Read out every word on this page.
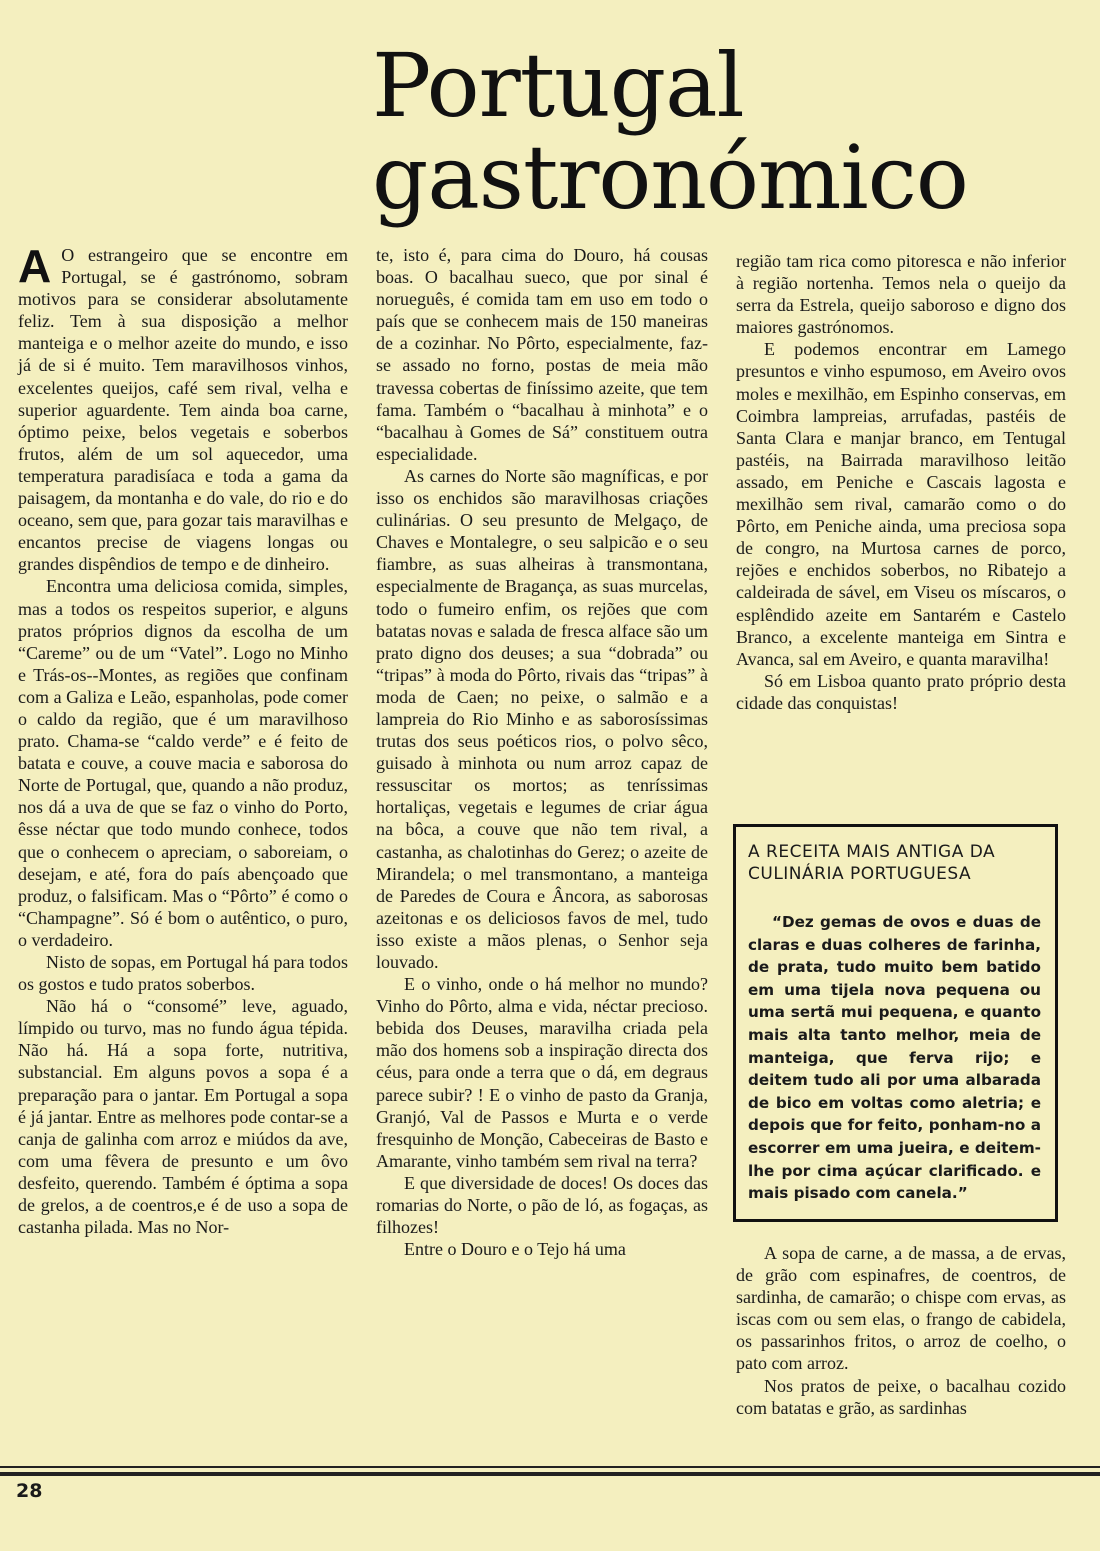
Portugal
gastronómico

A O estrangeiro que se encontre em Portugal, se é gastrónomo, sobram motivos para se considerar absolutamente feliz. Tem à sua disposição a melhor manteiga e o melhor azeite do mundo, e isso já de si é muito. Tem maravilhosos vinhos, excelentes queijos, café sem rival, velha e superior aguardente. Tem ainda boa carne, óptimo peixe, belos vegetais e soberbos frutos, além de um sol aquecedor, uma temperatura paradisíaca e toda a gama da paisagem, da montanha e do vale, do rio e do oceano, sem que, para gozar tais maravilhas e encantos precise de viagens longas ou grandes dispêndios de tempo e de dinheiro.

Encontra uma deliciosa comida, simples, mas a todos os respeitos superior, e alguns pratos próprios dignos da escolha de um “Careme” ou de um “Vatel”. Logo no Minho e Trás-os--Montes, as regiões que confinam com a Galiza e Leão, espanholas, pode comer o caldo da região, que é um maravilhoso prato. Chama-se “caldo verde” e é feito de batata e couve, a couve macia e saborosa do Norte de Portugal, que, quando a não produz, nos dá a uva de que se faz o vinho do Porto, êsse néctar que todo mundo conhece, todos que o conhecem o apreciam, o saboreiam, o desejam, e até, fora do país abençoado que produz, o falsificam. Mas o “Pôrto” é como o “Champagne”. Só é bom o autêntico, o puro, o verdadeiro.

Nisto de sopas, em Portugal há para todos os gostos e tudo pratos soberbos.

Não há o “consomé” leve, aguado, límpido ou turvo, mas no fundo água tépida. Não há. Há a sopa forte, nutritiva, substancial. Em alguns povos a sopa é a preparação para o jantar. Em Portugal a sopa é já jantar. Entre as melhores pode contar-se a canja de galinha com arroz e miúdos da ave, com uma fêvera de presunto e um ôvo desfeito, querendo. Também é óptima a sopa de grelos, a de coentros,e é de uso a sopa de castanha pilada. Mas no Nor-

te, isto é, para cima do Douro, há cousas boas. O bacalhau sueco, que por sinal é norueguês, é comida tam em uso em todo o país que se conhecem mais de 150 maneiras de a cozinhar. No Pôrto, especialmente, faz-se assado no forno, postas de meia mão travessa cobertas de finíssimo azeite, que tem fama. Também o “bacalhau à minhota” e o “bacalhau à Gomes de Sá” constituem outra especialidade.

As carnes do Norte são magníficas, e por isso os enchidos são maravilhosas criações culinárias. O seu presunto de Melgaço, de Chaves e Montalegre, o seu salpicão e o seu fiambre, as suas alheiras à transmontana, especialmente de Bragança, as suas murcelas, todo o fumeiro enfim, os rejões que com batatas novas e salada de fresca alface são um prato digno dos deuses; a sua “dobrada” ou “tripas” à moda do Pôrto, rivais das “tripas” à moda de Caen; no peixe, o salmão e a lampreia do Rio Minho e as saborosíssimas trutas dos seus poéticos rios, o polvo sêco, guisado à minhota ou num arroz capaz de ressuscitar os mortos; as tenríssimas hortaliças, vegetais e legumes de criar água na bôca, a couve que não tem rival, a castanha, as chalotinhas do Gerez; o azeite de Mirandela; o mel transmontano, a manteiga de Paredes de Coura e Âncora, as saborosas azeitonas e os deliciosos favos de mel, tudo isso existe a mãos plenas, o Senhor seja louvado.

E o vinho, onde o há melhor no mundo? Vinho do Pôrto, alma e vida, néctar precioso. bebida dos Deuses, maravilha criada pela mão dos homens sob a inspiração directa dos céus, para onde a terra que o dá, em degraus parece subir? ! E o vinho de pasto da Granja, Granjó, Val de Passos e Murta e o verde fresquinho de Monção, Cabeceiras de Basto e Amarante, vinho também sem rival na terra?

E que diversidade de doces! Os doces das romarias do Norte, o pão de ló, as fogaças, as filhozes!

Entre o Douro e o Tejo há uma

região tam rica como pitoresca e não inferior à região nortenha. Temos nela o queijo da serra da Estrela, queijo saboroso e digno dos maiores gastrónomos.

E podemos encontrar em Lamego presuntos e vinho espumoso, em Aveiro ovos moles e mexilhão, em Espinho conservas, em Coimbra lampreias, arrufadas, pastéis de Santa Clara e manjar branco, em Tentugal pastéis, na Bairrada maravilhoso leitão assado, em Peniche e Cascais lagosta e mexilhão sem rival, camarão como o do Pôrto, em Peniche ainda, uma preciosa sopa de congro, na Murtosa carnes de porco, rejões e enchidos soberbos, no Ribatejo a caldeirada de sável, em Viseu os míscaros, o esplêndido azeite em Santarém e Castelo Branco, a excelente manteiga em Sintra e Avanca, sal em Aveiro, e quanta maravilha!

Só em Lisboa quanto prato próprio desta cidade das conquistas!

A RECEITA MAIS ANTIGA DA CULINÁRIA PORTUGUESA

“Dez gemas de ovos e duas de claras e duas colheres de farinha, de prata, tudo muito bem batido em uma tijela nova pequena ou uma sertã mui pequena, e quanto mais alta tanto melhor, meia de manteiga, que ferva rijo; e deitem tudo ali por uma albarada de bico em voltas como aletria; e depois que for feito, ponham-no a escorrer em uma jueira, e deitem-lhe por cima açúcar clarificado. e mais pisado com canela.”

A sopa de carne, a de massa, a de ervas, de grão com espinafres, de coentros, de sardinha, de camarão; o chispe com ervas, as iscas com ou sem elas, o frango de cabidela, os passarinhos fritos, o arroz de coelho, o pato com arroz.

Nos pratos de peixe, o bacalhau cozido com batatas e grão, as sardinhas

28
